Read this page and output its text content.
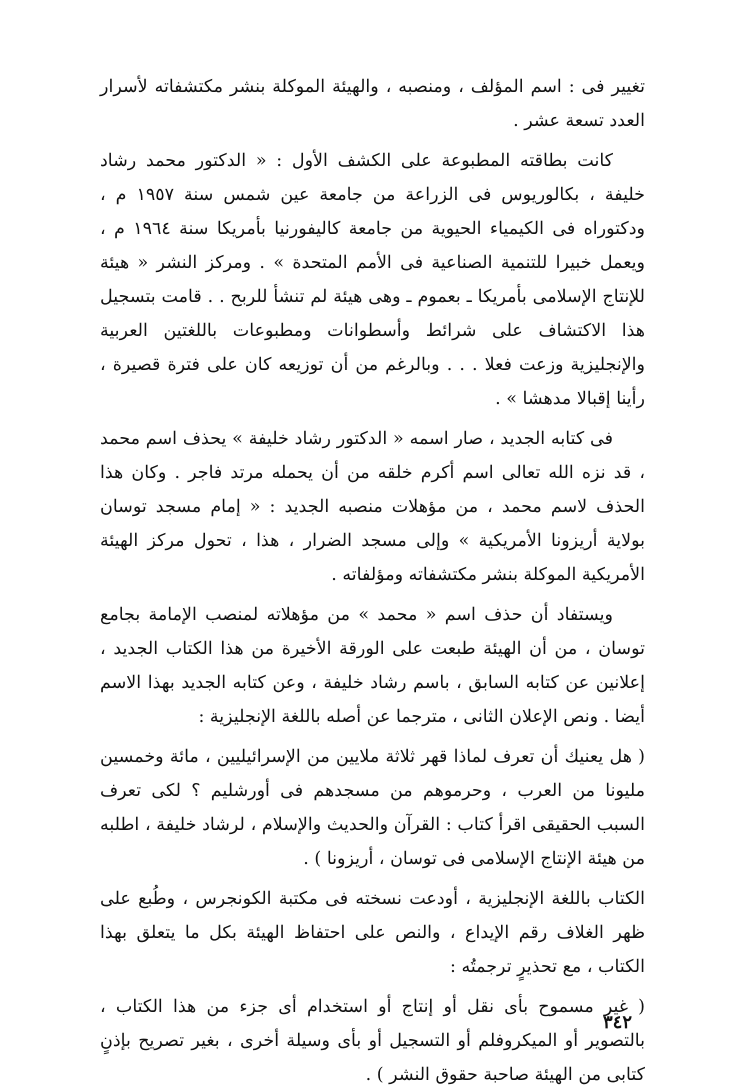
تغيير فى : اسم المؤلف ، ومنصبه ، والهيئة الموكلة بنشر مكتشفاته لأسرار العدد تسعة عشر .

كانت بطاقته المطبوعة على الكشف الأول : « الدكتور محمد رشاد خليفة ، بكالوريوس فى الزراعة من جامعة عين شمس سنة ١٩٥٧ م ، ودكتوراه فى الكيمياء الحيوية من جامعة كاليفورنيا بأمريكا سنة ١٩٦٤ م ، ويعمل خبيرا للتنمية الصناعية فى الأمم المتحدة » . ومركز النشر « هيئة للإنتاج الإسلامى بأمريكا ـ بعموم ـ وهى هيئة لم تنشأ للربح . . قامت بتسجيل هذا الاكتشاف على شرائط وأسطوانات ومطبوعات باللغتين العربية والإنجليزية وزعت فعلا . . . وبالرغم من أن توزيعه كان على فترة قصيرة ، رأينا إقبالا مدهشا » .

فى كتابه الجديد ، صار اسمه « الدكتور رشاد خليفة » يحذف اسم محمد ، قد نزه الله تعالى اسم أكرم خلقه من أن يحمله مرتد فاجر . وكان هذا الحذف لاسم محمد ، من مؤهلات منصبه الجديد : « إمام مسجد توسان بولاية أريزونا الأمريكية » وإلى مسجد الضرار ، هذا ، تحول مركز الهيئة الأمريكية الموكلة بنشر مكتشفاته ومؤلفاته .

ويستفاد أن حذف اسم « محمد » من مؤهلاته لمنصب الإمامة بجامع توسان ، من أن الهيئة طبعت على الورقة الأخيرة من هذا الكتاب الجديد ، إعلانين عن كتابه السابق ، باسم رشاد خليفة ، وعن كتابه الجديد بهذا الاسم أيضا . ونص الإعلان الثانى ، مترجما عن أصله باللغة الإنجليزية :

( هل يعنيك أن تعرف لماذا قهر ثلاثة ملايين من الإسرائيليين ، مائة وخمسين مليونا من العرب ، وحرموهم من مسجدهم فى أورشليم ؟ لكى تعرف السبب الحقيقى اقرأ كتاب : القرآن والحديث والإسلام ، لرشاد خليفة ، اطلبه من هيئة الإنتاج الإسلامى فى توسان ، أريزونا ) .

الكتاب باللغة الإنجليزية ، أودعت نسخته فى مكتبة الكونجرس ، وطُبع على ظهر الغلاف رقم الإيداع ، والنص على احتفاظ الهيئة بكل ما يتعلق بهذا الكتاب ، مع تحذيرٍ ترجمتُه :

( غير مسموح بأى نقل أو إنتاج أو استخدام أى جزء من هذا الكتاب ، بالتصوير أو الميكروفلم أو التسجيل أو بأى وسيلة أخرى ، بغير تصريح بإذنٍ كتابى من الهيئة صاحبة حقوق النشر ) .

٣٤٢
